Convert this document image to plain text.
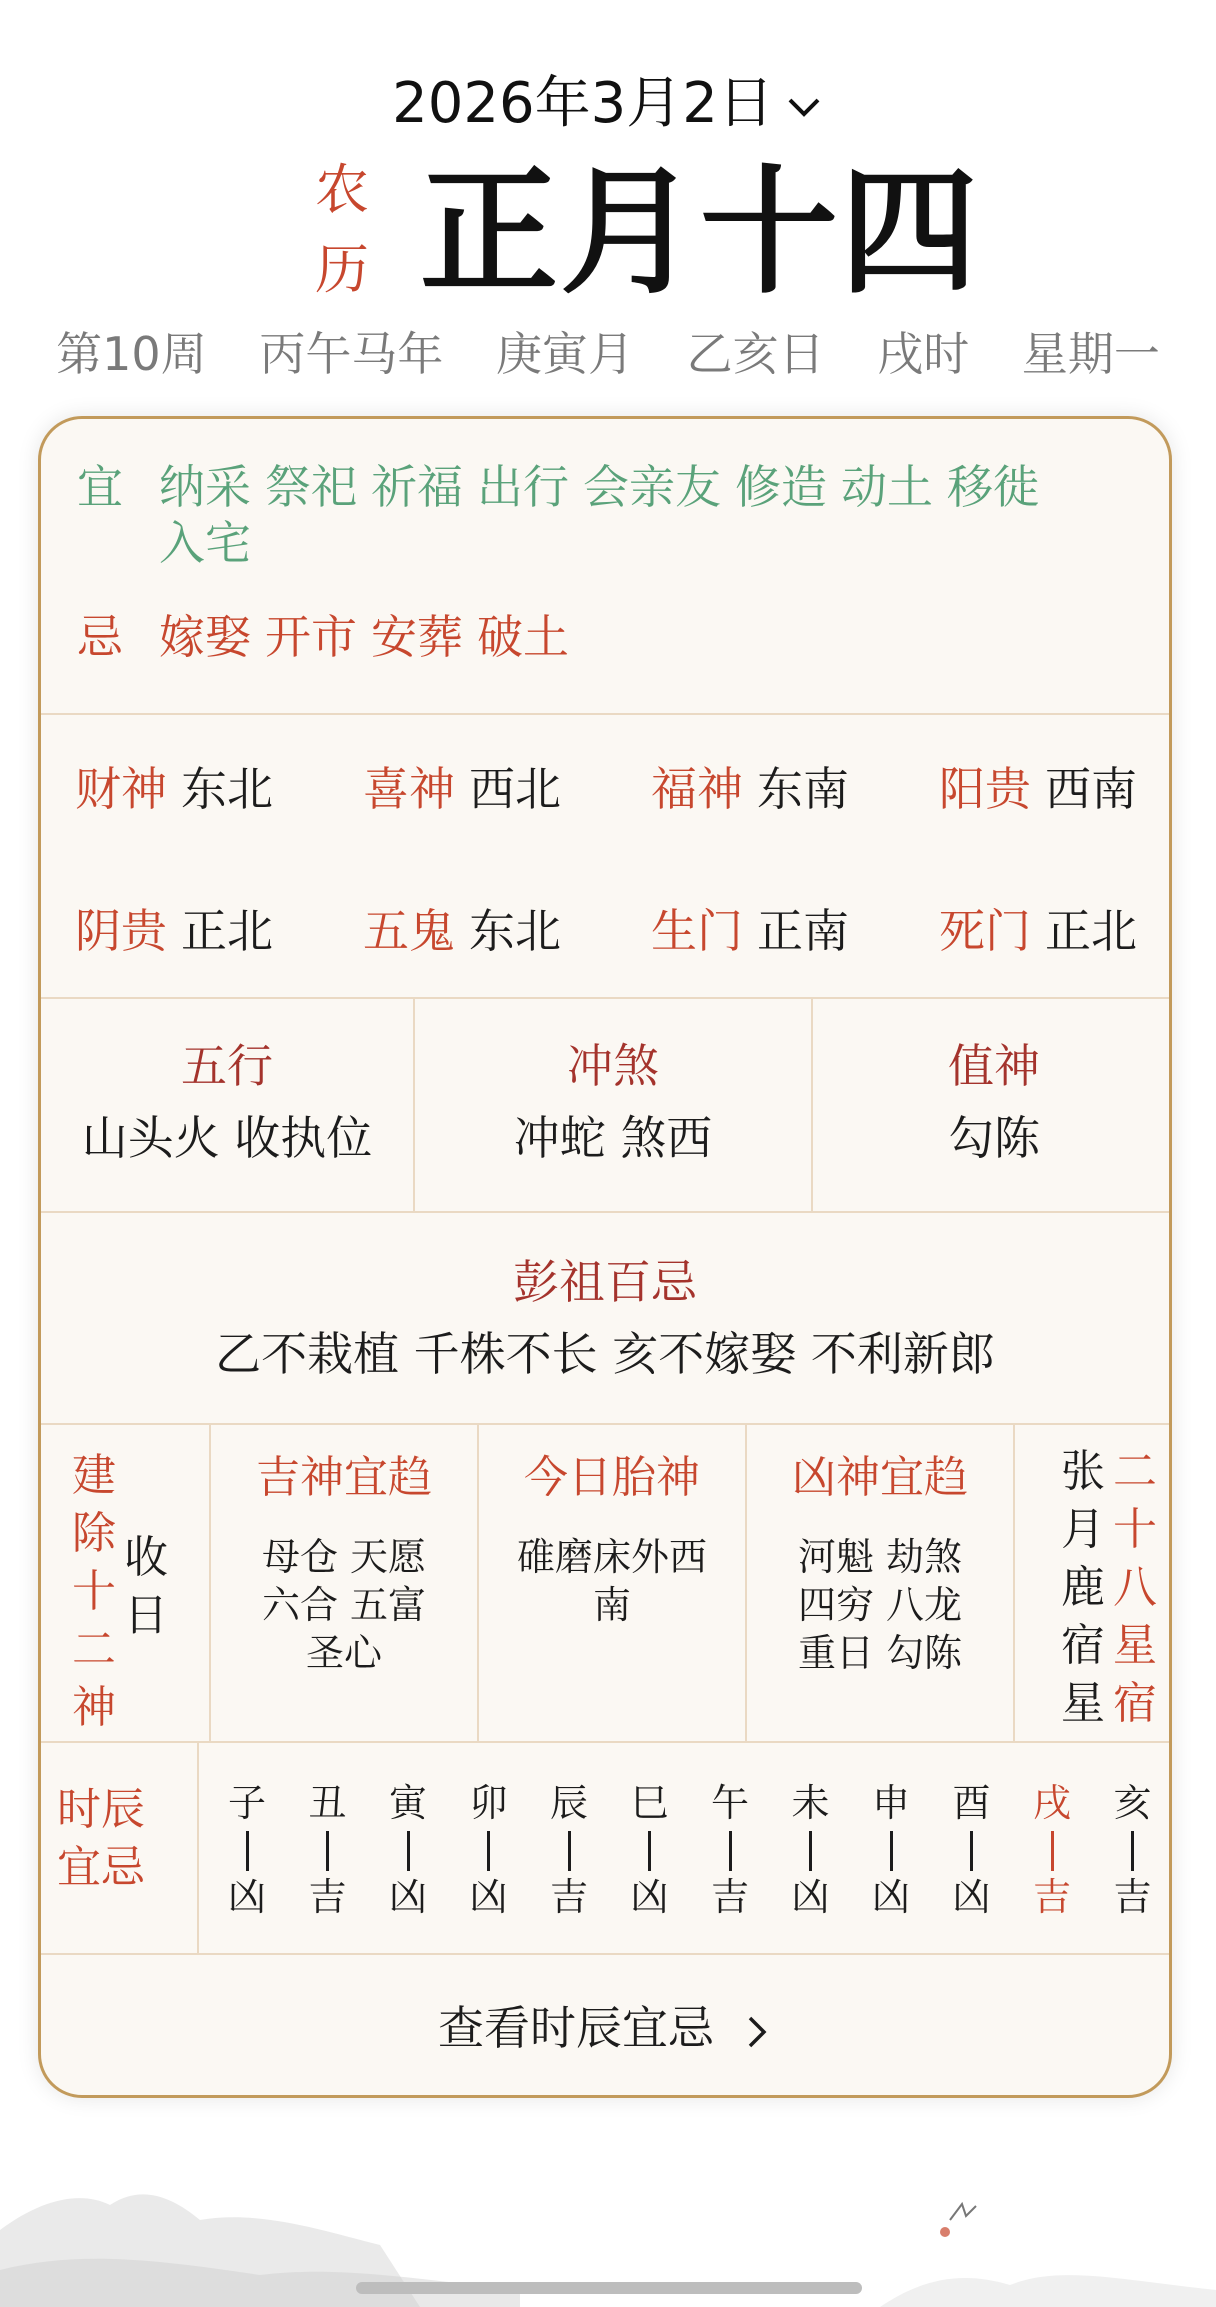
2026年3月2日
农
历 正月十四
第10周 丙午马年 庚寅月 乙亥日 戌时 星期一
宜 纳采 祭祀 祈福 出行 会亲友 修造 动土 移徙
入宅
忌 嫁娶 开市 安葬 破土
财神 东北 喜神 西北 福神 东南 阳贵 西南
阴贵 正北 五鬼 东北 生门 正南 死门 正北
五行
山头火 收执位
冲煞
冲蛇 煞西
值神
勾陈
彭祖百忌
乙不栽植 千株不长 亥不嫁娶 不利新郎
建
除
十
二
神
收
日
吉神宜趋
母仓 天愿
六合 五富
圣心
今日胎神
碓磨床外西
南
凶神宜趋
河魁 劫煞
四穷 八龙
重日 勾陈
张
月
鹿
宿
星
二
十
八
星
宿
时辰
宜忌
子
凶
丑
吉
寅
凶
卯
凶
辰
吉
巳
凶
午
吉
未
凶
申
凶
酉
凶
戌
吉
亥
吉
查看时辰宜忌
